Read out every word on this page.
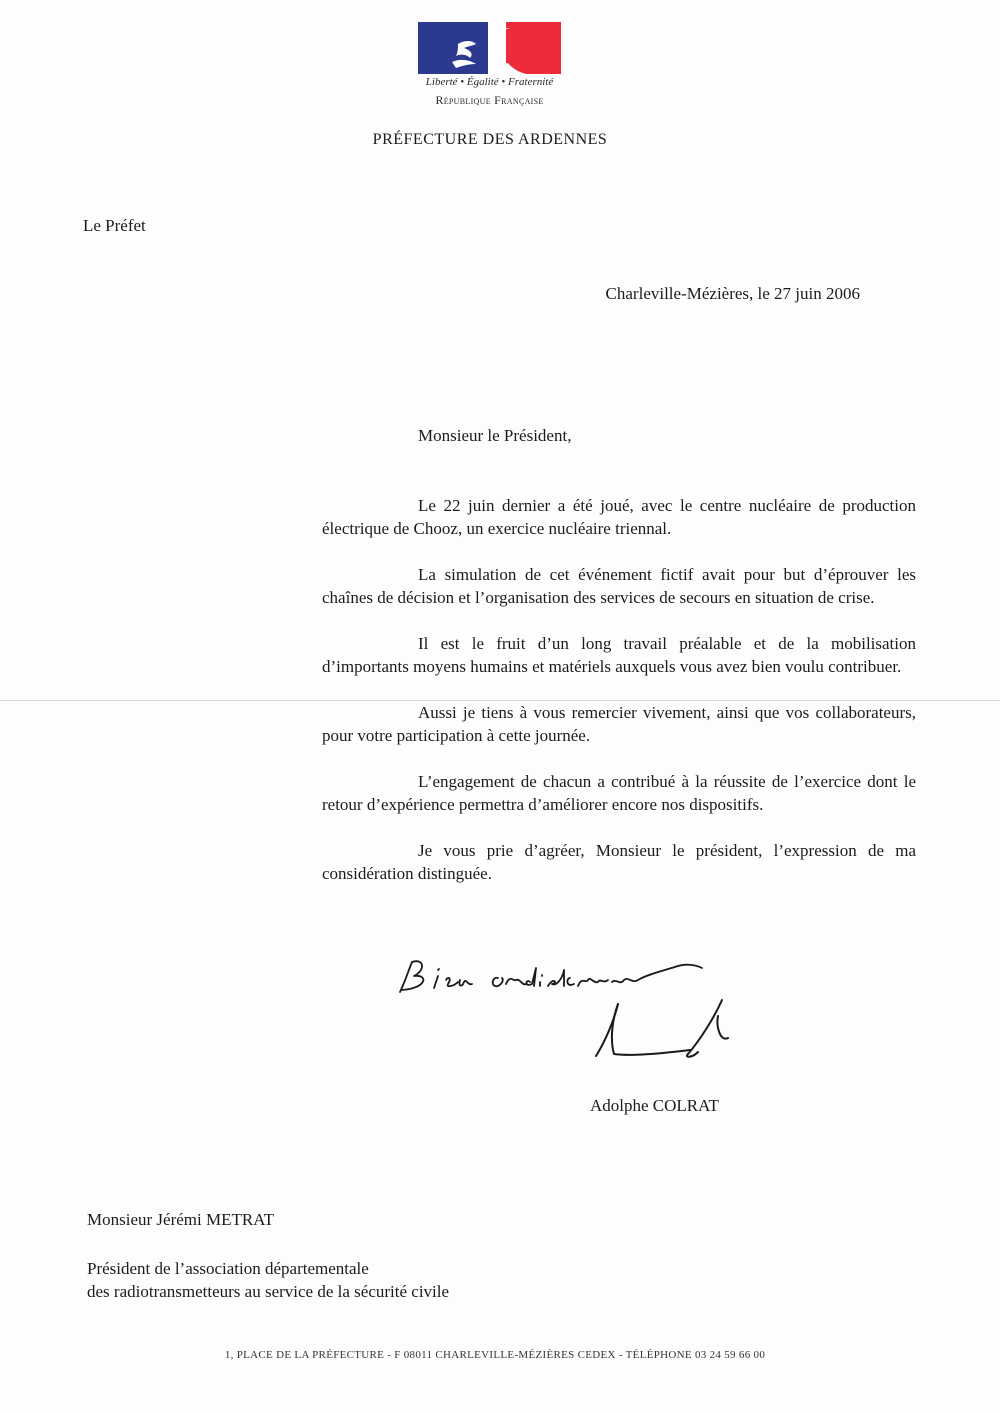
Liberté • Égalité • Fraternité
République Française
PRÉFECTURE DES ARDENNES
Le Préfet
Charleville-Mézières, le 27 juin 2006
Monsieur le Président,

Le 22 juin dernier a été joué, avec le centre nucléaire de production électrique de Chooz, un exercice nucléaire triennal.

La simulation de cet événement fictif avait pour but d’éprouver les chaînes de décision et l’organisation des services de secours en situation de crise.

Il est le fruit d’un long travail préalable et de la mobilisation d’importants moyens humains et matériels auxquels vous avez bien voulu contribuer.

Aussi je tiens à vous remercier vivement, ainsi que vos collaborateurs, pour votre participation à cette journée.

L’engagement de chacun a contribué à la réussite de l’exercice dont le retour d’expérience permettra d’améliorer encore nos dispositifs.

Je vous prie d’agréer, Monsieur le président, l’expression de ma considération distinguée.

Adolphe COLRAT
Monsieur Jérémi METRAT
Président de l’association départementale
des radiotransmetteurs au service de la sécurité civile
1, PLACE DE LA PRÉFECTURE - F 08011 CHARLEVILLE-MÉZIÈRES CEDEX - TÉLÉPHONE 03 24 59 66 00
